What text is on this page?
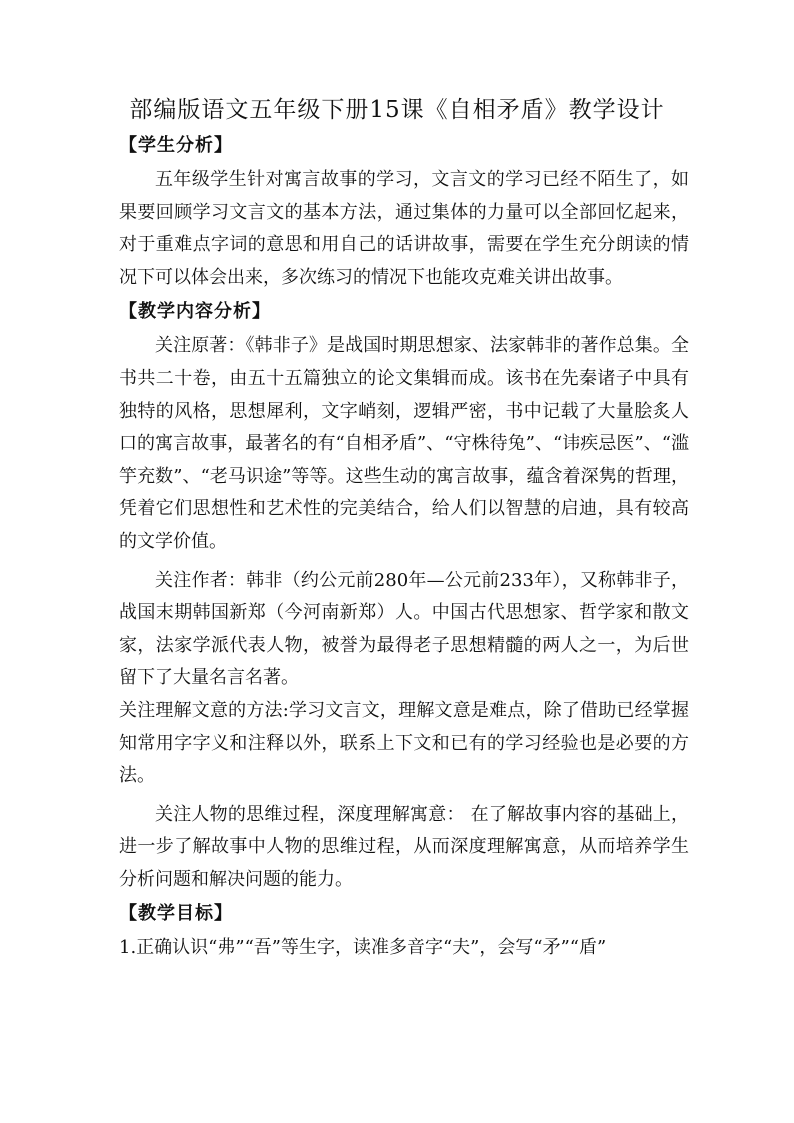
部编版语文五年级下册15课《自相矛盾》教学设计
【学生分析】

五年级学生针对寓言故事的学习，文言文的学习已经不陌生了，如果要回顾学习文言文的基本方法，通过集体的力量可以全部回忆起来，对于重难点字词的意思和用自己的话讲故事，需要在学生充分朗读的情况下可以体会出来，多次练习的情况下也能攻克难关讲出故事。

【教学内容分析】

关注原著：《韩非子》是战国时期思想家、法家韩非的著作总集。全书共二十卷，由五十五篇独立的论文集辑而成。该书在先秦诸子中具有独特的风格，思想犀利，文字峭刻，逻辑严密，书中记载了大量脍炙人口的寓言故事，最著名的有“自相矛盾”、“守株待兔”、“讳疾忌医”、“滥竽充数”、“老马识途”等等。这些生动的寓言故事，蕴含着深隽的哲理，凭着它们思想性和艺术性的完美结合，给人们以智慧的启迪，具有较高的文学价值。

关注作者：韩非（约公元前280年—公元前233年），又称韩非子，战国末期韩国新郑（今河南新郑）人。中国古代思想家、哲学家和散文家，法家学派代表人物，被誉为最得老子思想精髓的两人之一，为后世留下了大量名言名著。

关注理解文意的方法:学习文言文，理解文意是难点，除了借助已经掌握知常用字字义和注释以外，联系上下文和已有的学习经验也是必要的方法。

关注人物的思维过程，深度理解寓意： 在了解故事内容的基础上，进一步了解故事中人物的思维过程，从而深度理解寓意，从而培养学生分析问题和解决问题的能力。

【教学目标】

1.正确认识“弗”“吾”等生字，读准多音字“夫”，会写“矛”“盾”
